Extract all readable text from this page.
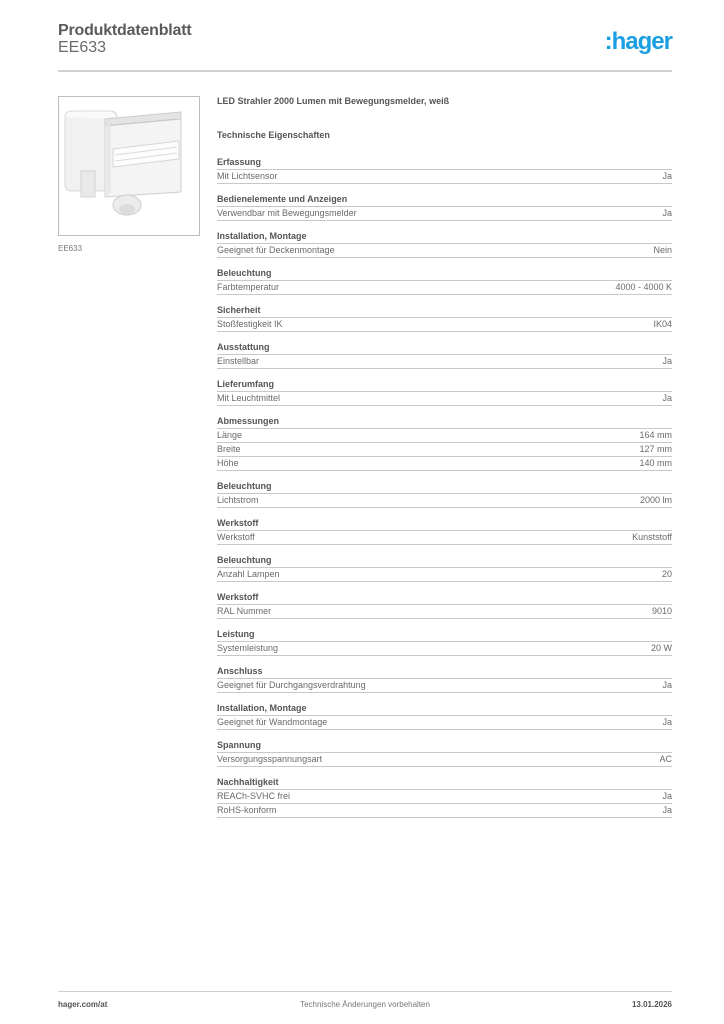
Produktdatenblatt
EE633	:hager
EE633
LED Strahler 2000 Lumen mit Bewegungsmelder, weiß
Technische Eigenschaften
Erfassung
Mit Lichtsensor	Ja
Bedienelemente und Anzeigen
Verwendbar mit Bewegungsmelder	Ja
Installation, Montage
Geeignet für Deckenmontage	Nein
Beleuchtung
Farbtemperatur	4000 - 4000 K
Sicherheit
Stoßfestigkeit IK	IK04
Ausstattung
Einstellbar	Ja
Lieferumfang
Mit Leuchtmittel	Ja
Abmessungen
Länge	164 mm
Breite	127 mm
Höhe	140 mm
Beleuchtung
Lichtstrom	2000 lm
Werkstoff
Werkstoff	Kunststoff
Beleuchtung
Anzahl Lampen	20
Werkstoff
RAL Nummer	9010
Leistung
Systemleistung	20 W
Anschluss
Geeignet für Durchgangsverdrahtung	Ja
Installation, Montage
Geeignet für Wandmontage	Ja
Spannung
Versorgungsspannungsart	AC
Nachhaltigkeit
REACh-SVHC frei	Ja
RoHS-konform	Ja
hager.com/at	Technische Änderungen vorbehalten	13.01.2026
